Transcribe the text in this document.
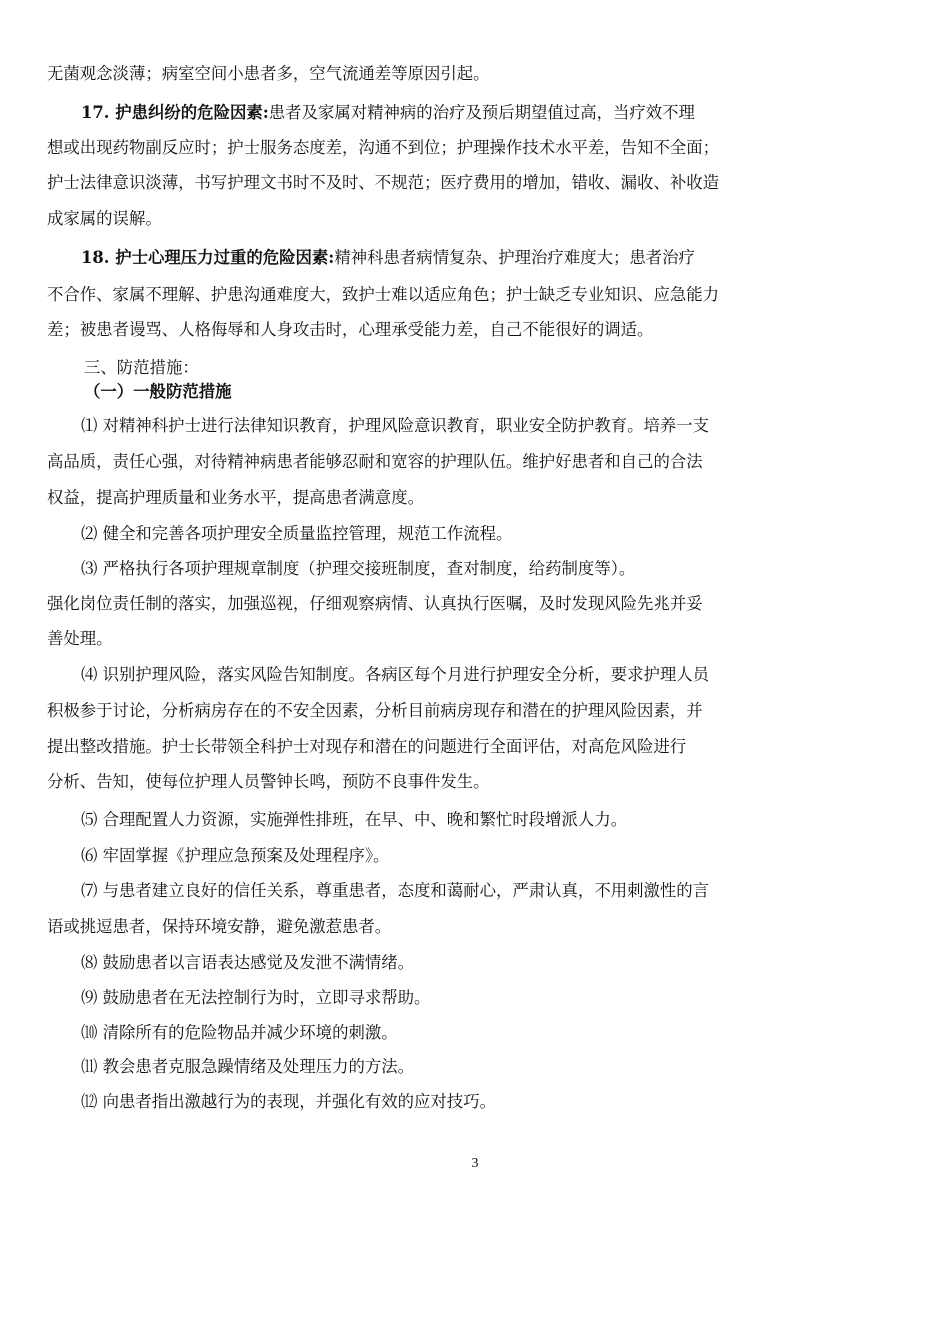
无菌观念淡薄；病室空间小患者多，空气流通差等原因引起。
17. 护患纠纷的危险因素:患者及家属对精神病的治疗及预后期望值过高，当疗效不理
想或出现药物副反应时；护士服务态度差，沟通不到位；护理操作技术水平差，告知不全面；
护士法律意识淡薄，书写护理文书时不及时、不规范；医疗费用的增加，错收、漏收、补收造
成家属的误解。
18. 护士心理压力过重的危险因素:精神科患者病情复杂、护理治疗难度大；患者治疗
不合作、家属不理解、护患沟通难度大，致护士难以适应角色；护士缺乏专业知识、应急能力
差；被患者谩骂、人格侮辱和人身攻击时，心理承受能力差，自己不能很好的调适。
三、防范措施：
（一）一般防范措施
⑴ 对精神科护士进行法律知识教育，护理风险意识教育，职业安全防护教育。培养一支
高品质，责任心强，对待精神病患者能够忍耐和宽容的护理队伍。维护好患者和自己的合法
权益，提高护理质量和业务水平，提高患者满意度。
⑵ 健全和完善各项护理安全质量监控管理，规范工作流程。
⑶ 严格执行各项护理规章制度（护理交接班制度，查对制度，给药制度等）。
强化岗位责任制的落实，加强巡视，仔细观察病情、认真执行医嘱，及时发现风险先兆并妥
善处理。
⑷ 识别护理风险，落实风险告知制度。各病区每个月进行护理安全分析，要求护理人员
积极参于讨论，分析病房存在的不安全因素，分析目前病房现存和潜在的护理风险因素，并
提出整改措施。护士长带领全科护士对现存和潜在的问题进行全面评估，对高危风险进行
分析、告知，使每位护理人员警钟长鸣，预防不良事件发生。
⑸ 合理配置人力资源，实施弹性排班，在早、中、晚和繁忙时段增派人力。
⑹ 牢固掌握《护理应急预案及处理程序》。
⑺ 与患者建立良好的信任关系，尊重患者，态度和蔼耐心，严肃认真，不用刺激性的言
语或挑逗患者，保持环境安静，避免激惹患者。
⑻ 鼓励患者以言语表达感觉及发泄不满情绪。
⑼ 鼓励患者在无法控制行为时，立即寻求帮助。
⑽ 清除所有的危险物品并减少环境的刺激。
⑾ 教会患者克服急躁情绪及处理压力的方法。
⑿ 向患者指出激越行为的表现，并强化有效的应对技巧。
3
